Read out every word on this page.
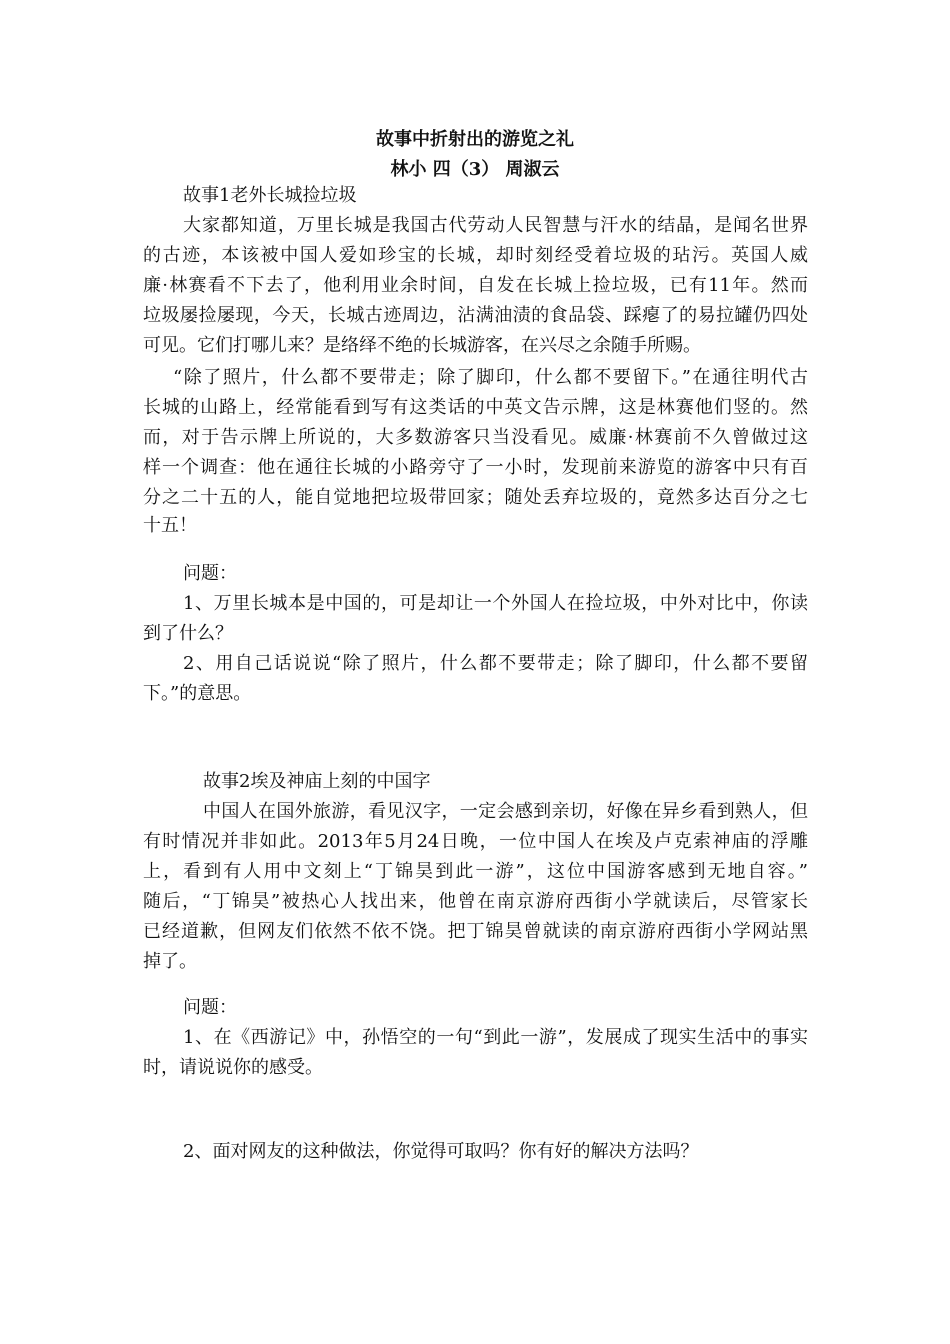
故事中折射出的游览之礼
林小 四（3） 周淑云
故事1老外长城捡垃圾
大家都知道，万里长城是我国古代劳动人民智慧与汗水的结晶，是闻名世界
的古迹，本该被中国人爱如珍宝的长城，却时刻经受着垃圾的玷污。英国人威
廉·林赛看不下去了，他利用业余时间，自发在长城上捡垃圾，已有11年。然而
垃圾屡捡屡现，今天，长城古迹周边，沾满油渍的食品袋、踩瘪了的易拉罐仍四处
可见。它们打哪儿来？是络绎不绝的长城游客，在兴尽之余随手所赐。
“除了照片，什么都不要带走；除了脚印，什么都不要留下。”在通往明代古
长城的山路上，经常能看到写有这类话的中英文告示牌，这是林赛他们竖的。然
而，对于告示牌上所说的，大多数游客只当没看见。威廉·林赛前不久曾做过这
样一个调查：他在通往长城的小路旁守了一小时，发现前来游览的游客中只有百
分之二十五的人，能自觉地把垃圾带回家；随处丢弃垃圾的，竟然多达百分之七
十五！
问题：
1、万里长城本是中国的，可是却让一个外国人在捡垃圾，中外对比中，你读
到了什么？
2、用自己话说说“除了照片，什么都不要带走；除了脚印，什么都不要留
下。”的意思。
故事2埃及神庙上刻的中国字
中国人在国外旅游，看见汉字，一定会感到亲切，好像在异乡看到熟人，但
有时情况并非如此。2013年5月24日晚，一位中国人在埃及卢克索神庙的浮雕
上，看到有人用中文刻上“丁锦昊到此一游”，这位中国游客感到无地自容。”
随后，“丁锦昊”被热心人找出来，他曾在南京游府西街小学就读后，尽管家长
已经道歉，但网友们依然不依不饶。把丁锦昊曾就读的南京游府西街小学网站黑
掉了。
问题：
1、在《西游记》中，孙悟空的一句“到此一游”，发展成了现实生活中的事实
时，请说说你的感受。
2、面对网友的这种做法，你觉得可取吗？你有好的解决方法吗？
